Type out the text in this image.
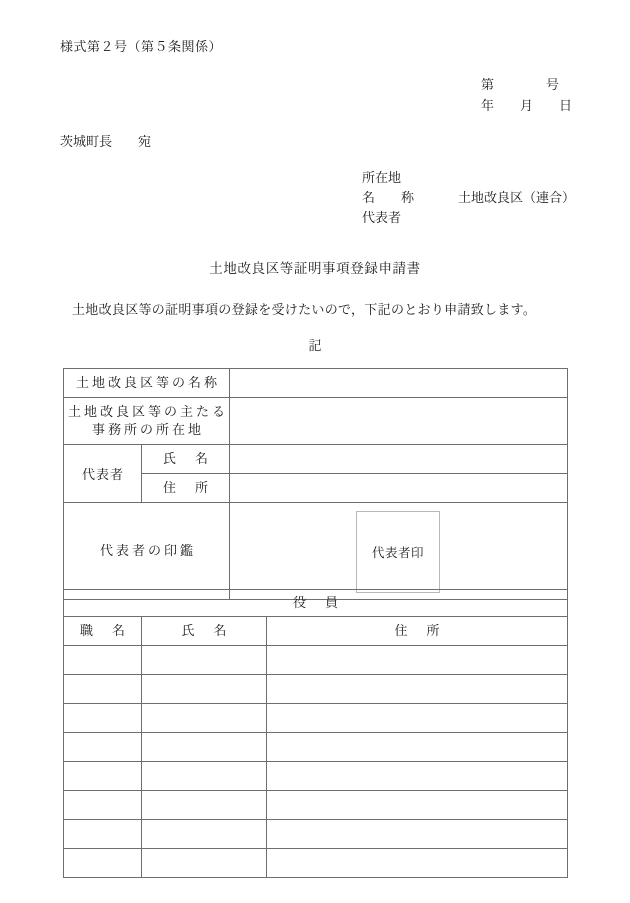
様式第２号（第５条関係）
第　　　　号
年　　月　　日
茨城町長　　宛
所在地
名　　称	土地改良区（連合）
代表者
土地改良区等証明事項登録申請書
土地改良区等の証明事項の登録を受けたいので，下記のとおり申請致します。
記
土地改良区等の名称		

土地改良区等の主たる
事務所の所在地		

代表者	氏　名	
	住　所	
代表者の印鑑		代表者印
役　員		
職　名	氏　名	住　所
